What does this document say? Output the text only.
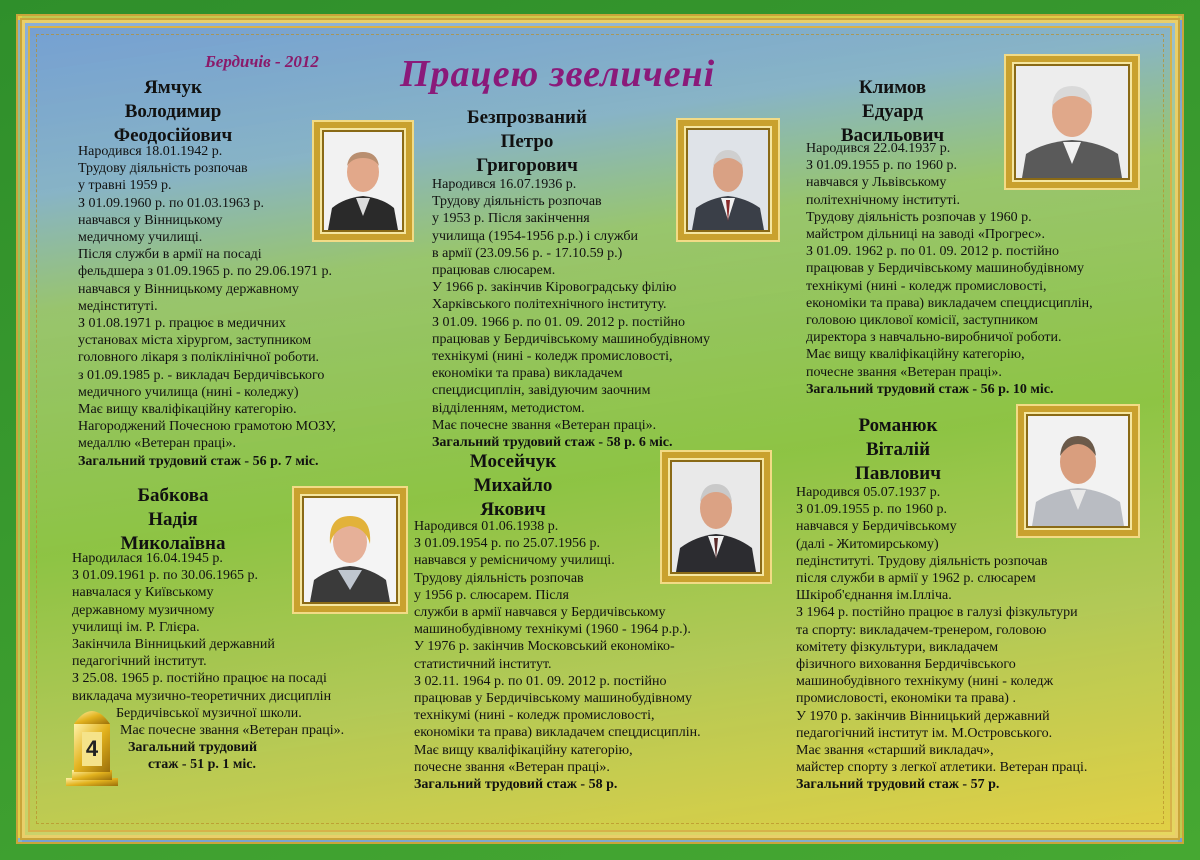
Бердичів - 2012 Працею звеличені
Ямчук
Володимир
Феодосійович
Народився 18.01.1942 р.
Трудову діяльність розпочав
у травні 1959 р.
З 01.09.1960 р. по 01.03.1963 р.
навчався у Вінницькому
медичному училищі.
Після служби в армії на посаді
фельдшера з 01.09.1965 р. по 29.06.1971 р.
навчався у Вінницькому державному
медінституті.
З 01.08.1971 р. працює в медичних
установах міста хірургом, заступником
головного лікаря з поліклінічної роботи.
з 01.09.1985 р. - викладач Бердичівського
медичного училища (нині - коледжу)
Має вищу кваліфікаційну категорію.
Нагороджений Почесною грамотою МОЗУ,
медаллю «Ветеран праці».
Загальний трудовий стаж - 56 р. 7 міс.
Безпрозваний
Петро
Григорович
Народився 16.07.1936 р.
Трудову діяльність розпочав
у 1953 р. Після закінчення
училища (1954-1956 р.р.) і служби
в армії (23.09.56 р. - 17.10.59 р.)
працював слюсарем.
У 1966 р. закінчив Кіровоградську філію
Харківського політехнічного інституту.
З 01.09. 1966 р. по 01. 09. 2012 р. постійно
працював у Бердичівському машинобудівному
технікумі (нині - коледж промисловості,
економіки та права) викладачем
спецдисциплін, завідуючим заочним
відділенням, методистом.
Має почесне звання «Ветеран праці».
Загальний трудовий стаж - 58 р. 6 міс.
Климов
Едуард
Васильович
Народився 22.04.1937 р.
З 01.09.1955 р. по 1960 р.
навчався у Львівському
політехнічному інституті.
Трудову діяльність розпочав у 1960 р.
майстром дільниці на заводі «Прогрес».
З 01.09. 1962 р. по 01. 09. 2012 р. постійно
працював у Бердичівському машинобудівному
технікумі (нині - коледж промисловості,
економіки та права) викладачем спецдисциплін,
головою циклової комісії, заступником
директора з навчально-виробничої роботи.
Має вищу кваліфікаційну категорію,
почесне звання «Ветеран праці».
Загальний трудовий стаж - 56 р. 10 міс.
Бабкова
Надія
Миколаївна
Народилася 16.04.1945 р.
З 01.09.1961 р. по 30.06.1965 р.
навчалася у Київському
державному музичному
училищі ім. Р. Глієра.
Закінчила Вінницький державний
педагогічний інститут.
З 25.08. 1965 р. постійно працює на посаді
викладача музично-теоретичних дисциплін
Бердичівської музичної школи.
Має почесне звання «Ветеран праці».
Загальний трудовий
стаж - 51 р. 1 міс.
Мосейчук
Михайло
Якович
Народився 01.06.1938 р.
З 01.09.1954 р. по 25.07.1956 р.
навчався у ремісничому училищі.
Трудову діяльність розпочав
у 1956 р. слюсарем. Після
служби в армії навчався у Бердичівському
машинобудівному технікумі (1960 - 1964 р.р.).
У 1976 р. закінчив Московський економіко-
статистичний інститут.
З 02.11. 1964 р. по 01. 09. 2012 р. постійно
працював у Бердичівському машинобудівному
технікумі (нині - коледж промисловості,
економіки та права) викладачем спецдисциплін.
Має вищу кваліфікаційну категорію,
почесне звання «Ветеран праці».
Загальний трудовий стаж - 58 р.
Романюк
Віталій
Павлович
Народився 05.07.1937 р.
З 01.09.1955 р. по 1960 р.
навчався у Бердичівському
(далі - Житомирському)
педінституті. Трудову діяльність розпочав
після служби в армії у 1962 р. слюсарем
Шкіроб'єднання ім.Ілліча.
З 1964 р. постійно працює в галузі фізкультури
та спорту: викладачем-тренером, головою
комітету фізкультури, викладачем
фізичного виховання Бердичівського
машинобудівного технікуму (нині - коледж
промисловості, економіки та права) .
У 1970 р. закінчив Вінницький державний
педагогічний інститут ім. М.Островського.
Має звання «старший викладач»,
майстер спорту з легкої атлетики. Ветеран праці.
Загальний трудовий стаж - 57 р.
4
